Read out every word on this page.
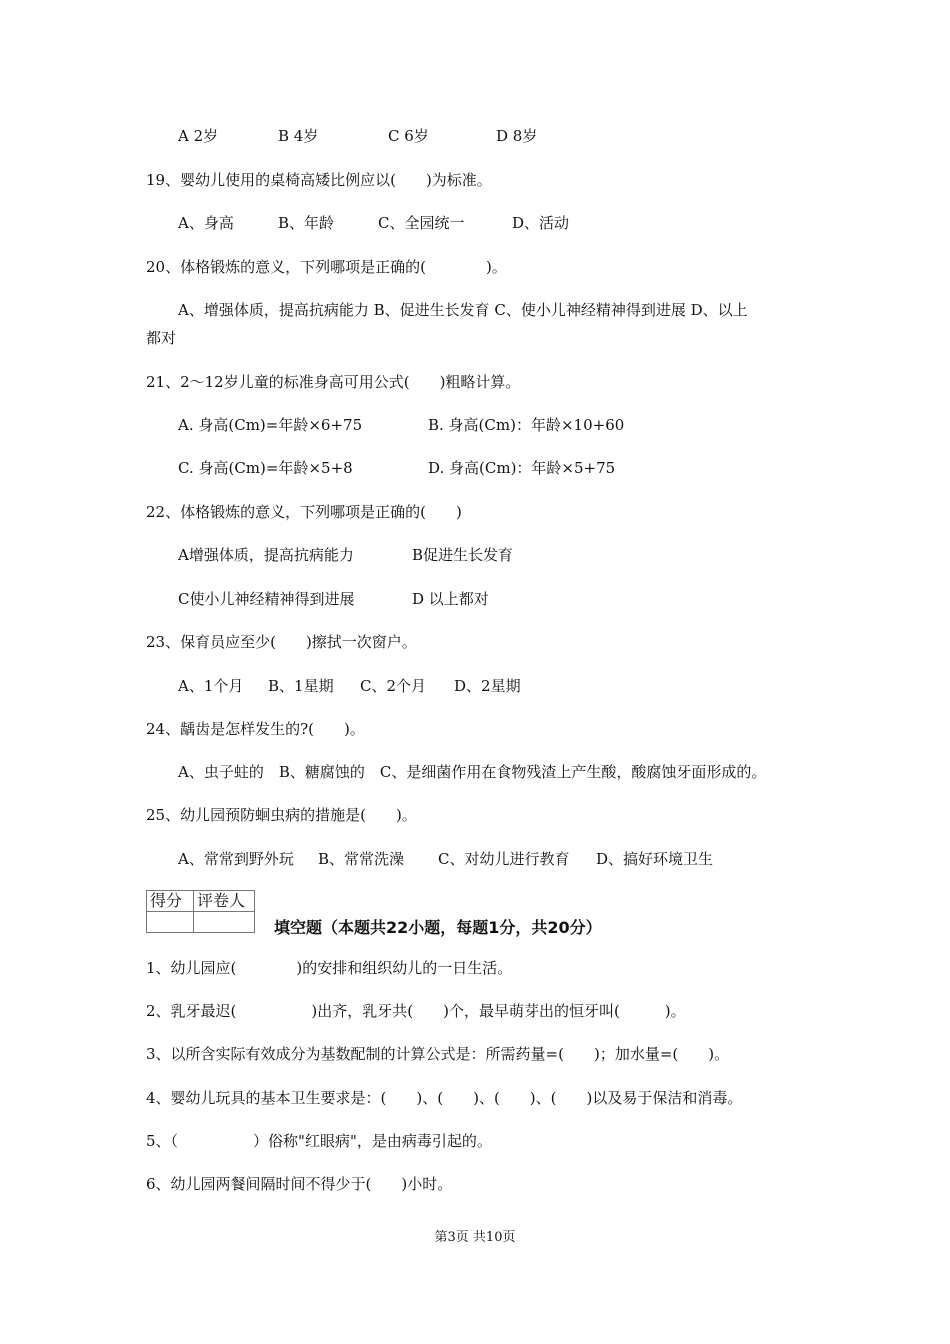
A 2岁	B 4岁	C 6岁	D 8岁
19、婴幼儿使用的桌椅高矮比例应以(　　)为标准。
A、身高	B、年龄	C、全园统一	D、活动
20、体格锻炼的意义，下列哪项是正确的(　　　　)。
A、增强体质，提高抗病能力 B、促进生长发育 C、使小儿神经精神得到进展 D、以上
都对
21、2～12岁儿童的标准身高可用公式(　　)粗略计算。
A. 身高(Cm)=年龄×6+75	B. 身高(Cm)：年龄×10+60
C. 身高(Cm)=年龄×5+8	D. 身高(Cm)：年龄×5+75
22、体格锻炼的意义，下列哪项是正确的(　　)
A增强体质，提高抗病能力	B促进生长发育
C使小儿神经精神得到进展	D 以上都对
23、保育员应至少(　　)擦拭一次窗户。
A、1个月 B、1星期 C、2个月 D、2星期
24、龋齿是怎样发生的?(　　)。
A、虫子蛀的　B、糖腐蚀的　C、是细菌作用在食物残渣上产生酸，酸腐蚀牙面形成的。
25、幼儿园预防蛔虫病的措施是(　　)。
A、常常到野外玩 B、常常洗澡 C、对幼儿进行教育 D、搞好环境卫生
得分	评卷人

填空题（本题共22小题，每题1分，共20分）
1、幼儿园应(　　　　)的安排和组织幼儿的一日生活。
2、乳牙最迟(　　　　　)出齐，乳牙共(　　)个，最早萌芽出的恒牙叫(　　　)。
3、以所含实际有效成分为基数配制的计算公式是：所需药量=(　　)；加水量=(　　)。
4、婴幼儿玩具的基本卫生要求是：(　　)、(　　)、(　　)、(　　)以及易于保洁和消毒。
5、（　　　　　）俗称"红眼病"，是由病毒引起的。
6、幼儿园两餐间隔时间不得少于(　　)小时。
第3页 共10页
